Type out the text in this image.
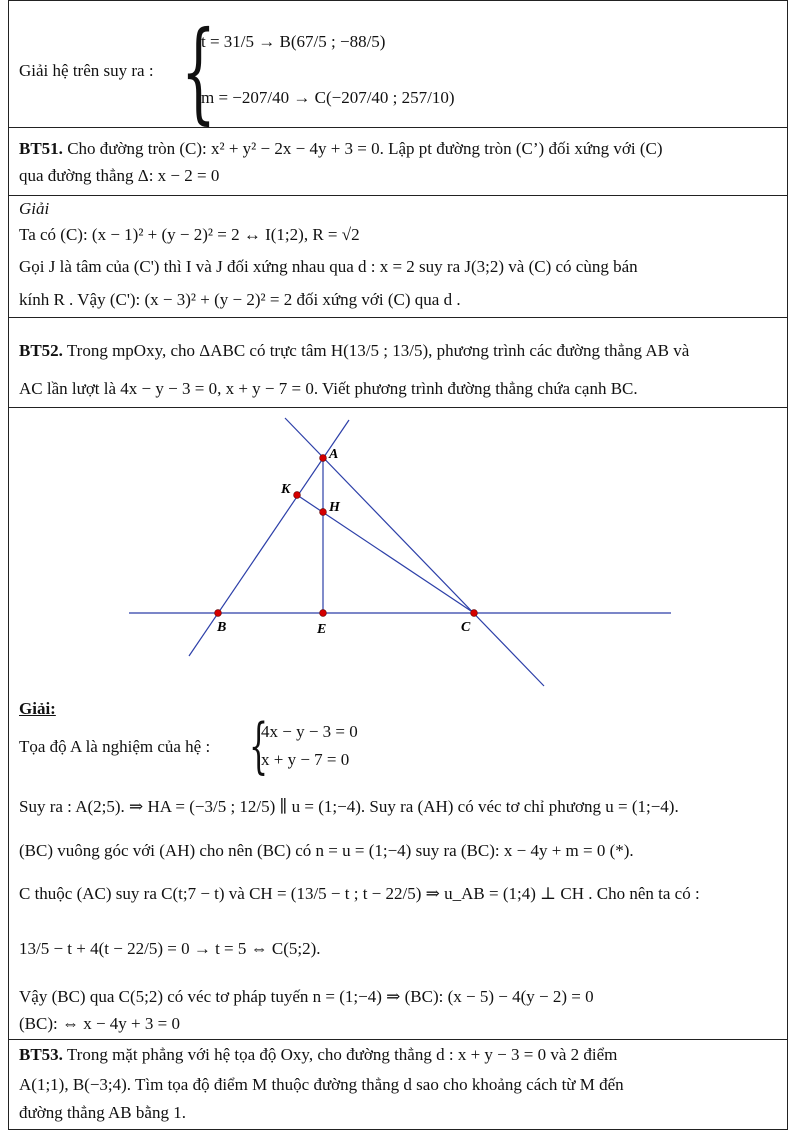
Giải hệ trên suy ra : {
t = 31/5 → B(67/5 ; −88/5)
m = −207/40 → C(−207/40 ; 257/10)
BT51. Cho đường tròn (C): x² + y² − 2x − 4y + 3 = 0. Lập pt đường tròn (C’) đối xứng với (C)
qua đường thẳng Δ: x − 2 = 0
Giải
Ta có (C): (x − 1)² + (y − 2)² = 2 ↔ I(1;2), R = √2
Gọi J là tâm của (C') thì I và J đối xứng nhau qua d : x = 2 suy ra J(3;2) và (C) có cùng bán
kính R . Vậy (C'): (x − 3)² + (y − 2)² = 2 đối xứng với (C) qua d .
BT52. Trong mpOxy, cho ΔABC có trực tâm H(13/5 ; 13/5), phương trình các đường thẳng AB và
AC lần lượt là 4x − y − 3 = 0, x + y − 7 = 0. Viết phương trình đường thẳng chứa cạnh BC.
A
K
H
B	E	C
Giải:
Tọa độ A là nghiệm của hệ : {
4x − y − 3 = 0
x + y − 7 = 0
Suy ra : A(2;5). ⇒ HA = (−3/5 ; 12/5) ∥ u = (1;−4). Suy ra (AH) có véc tơ chỉ phương u = (1;−4).
(BC) vuông góc với (AH) cho nên (BC) có n = u = (1;−4) suy ra (BC): x − 4y + m = 0 (*).
C thuộc (AC) suy ra C(t;7 − t) và CH = (13/5 − t ; t − 22/5) ⇒ u_AB = (1;4) ⊥ CH . Cho nên ta có :
13/5 − t + 4(t − 22/5) = 0 → t = 5 ⇔ C(5;2).
Vậy (BC) qua C(5;2) có véc tơ pháp tuyến n = (1;−4) ⇒ (BC): (x − 5) − 4(y − 2) = 0
(BC): ⇔ x − 4y + 3 = 0
BT53. Trong mặt phẳng với hệ tọa độ Oxy, cho đường thẳng d : x + y − 3 = 0 và 2 điểm
A(1;1), B(−3;4). Tìm tọa độ điểm M thuộc đường thẳng d sao cho khoảng cách từ M đến
đường thẳng AB bằng 1.
